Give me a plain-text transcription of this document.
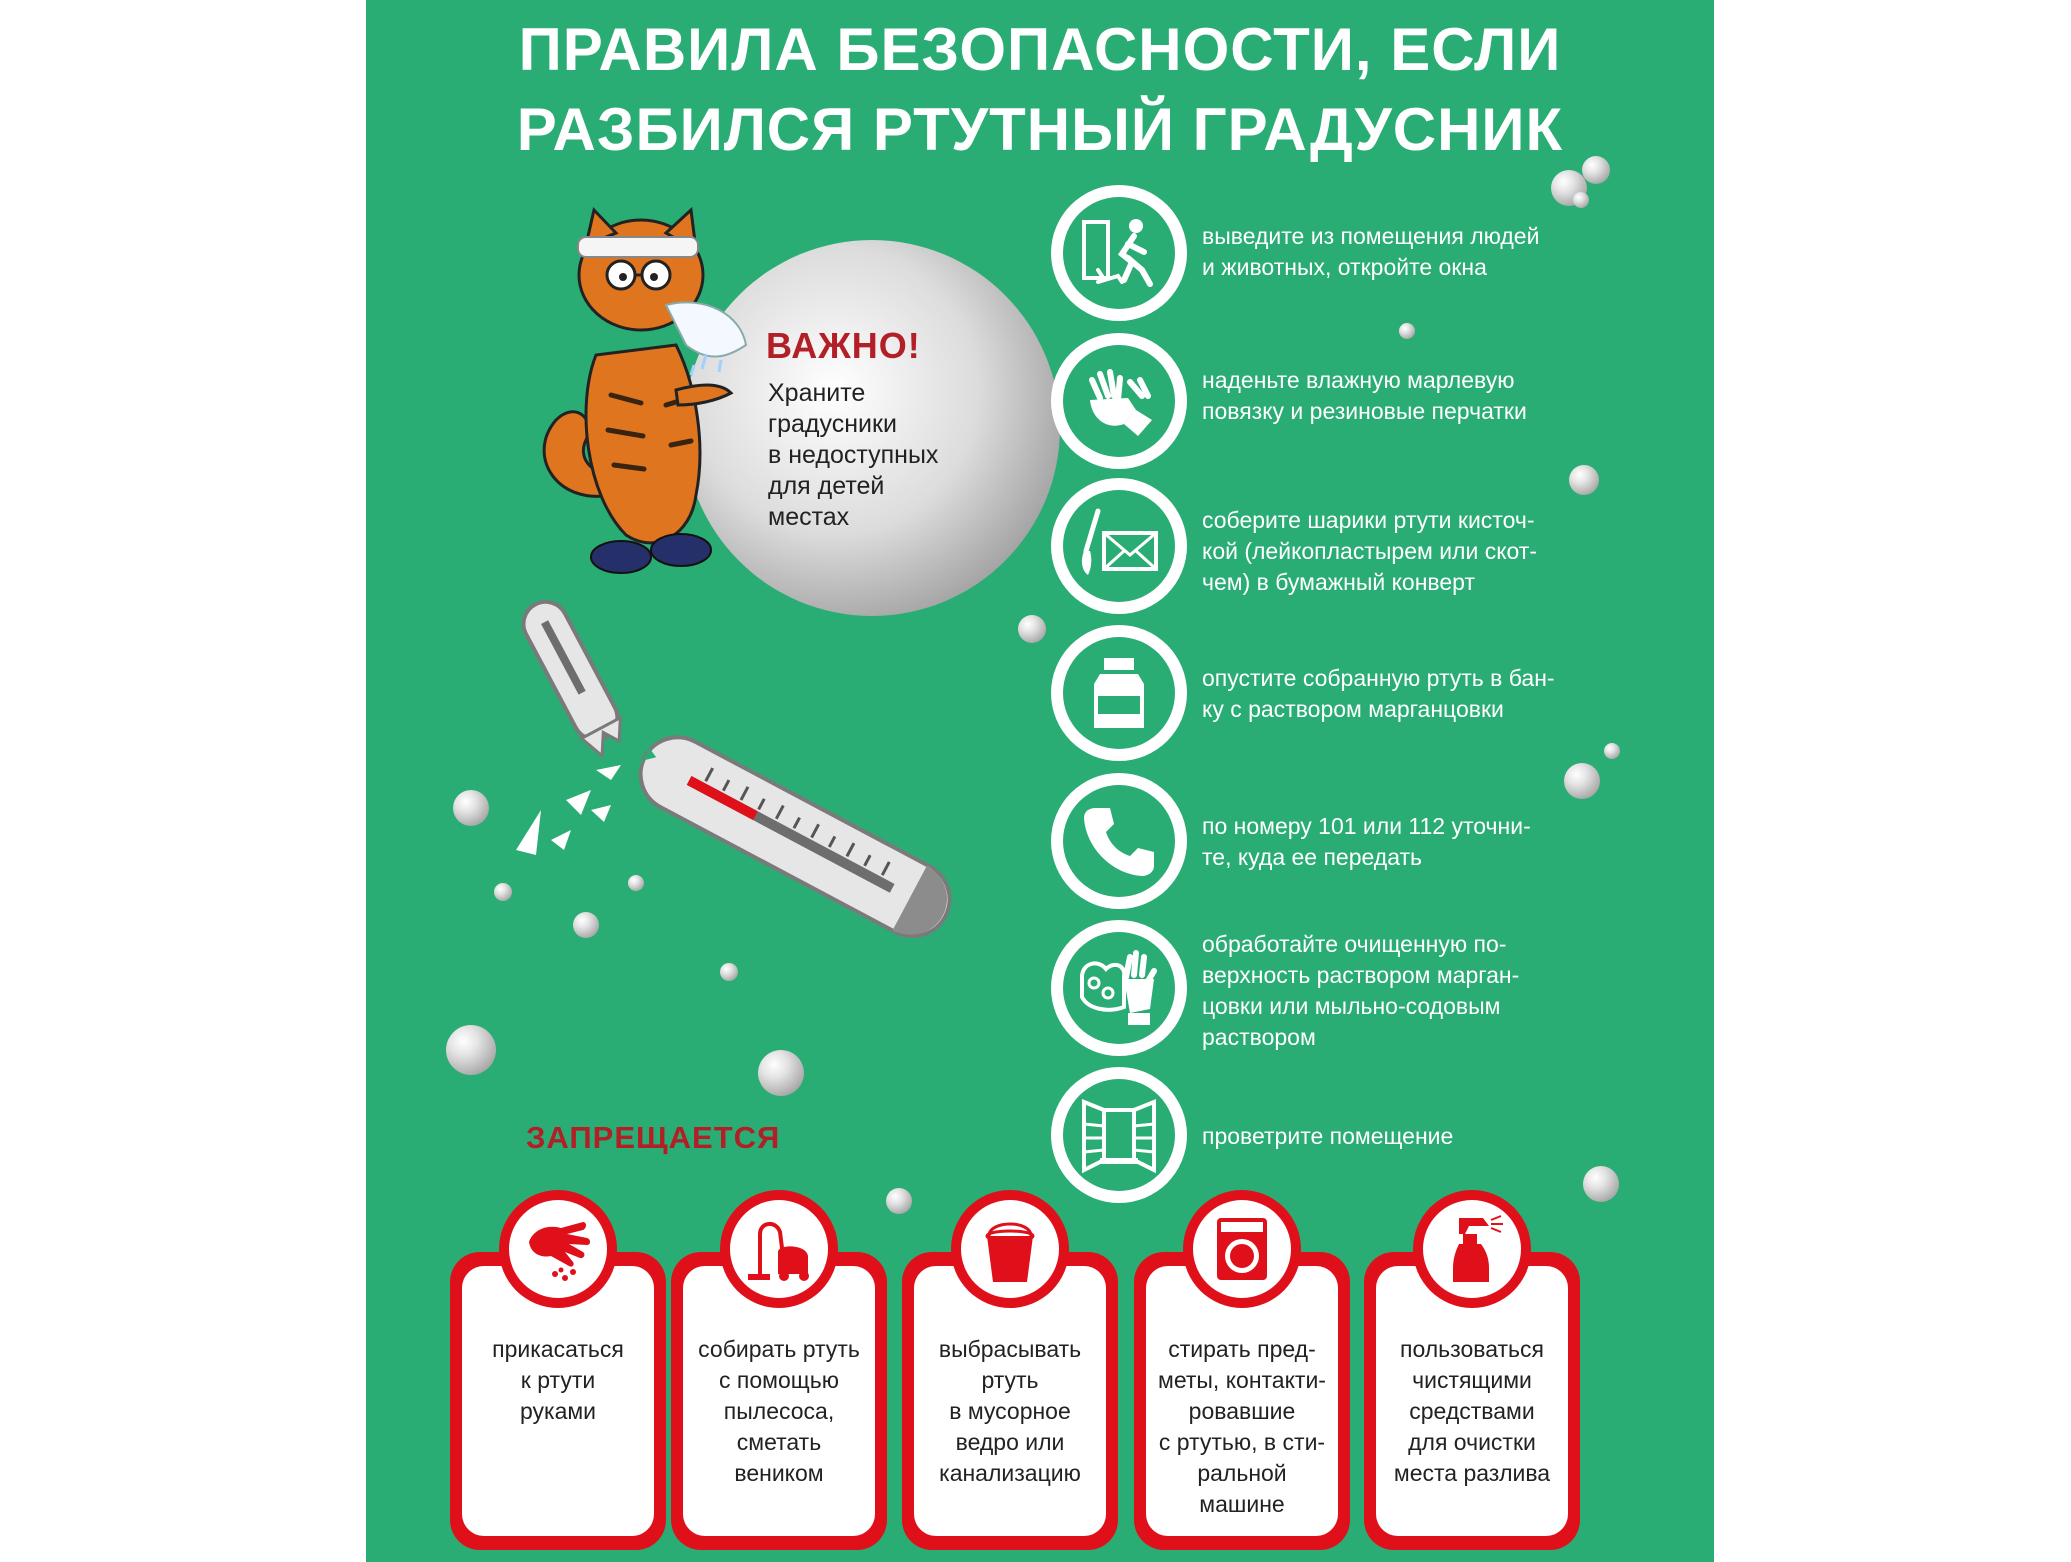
ПРАВИЛА БЕЗОПАСНОСТИ, ЕСЛИ
РАЗБИЛСЯ РТУТНЫЙ ГРАДУСНИК
ВАЖНО!

Храните
градусники
в недоступных
для детей
местах

выведите из помещения людей
и животных, откройте окна

наденьте влажную марлевую
повязку и резиновые перчатки

соберите шарики ртути кисточ-
кой (лейкопластырем или скот-
чем) в бумажный конверт

опустите собранную ртуть в бан-
ку с раствором марганцовки

по номеру 101 или 112 уточни-
те, куда ее передать

обработайте очищенную по-
верхность раствором марган-
цовки или мыльно-содовым
раствором

проветрите помещение

ЗАПРЕЩАЕТСЯ

прикасаться
к ртути
руками

собирать ртуть
с помощью
пылесоса,
сметать
веником

выбрасывать
ртуть
в мусорное
ведро или
канализацию

стирать пред-
меты, контакти-
ровавшие
с ртутью, в сти-
ральной
машине

пользоваться
чистящими
средствами
для очистки
места разлива
